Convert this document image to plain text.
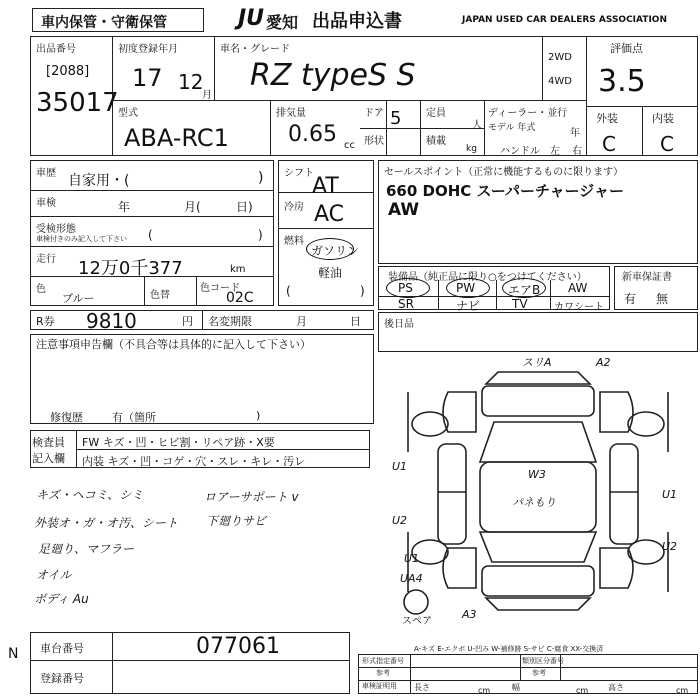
車内保管・守衛保管	JU 愛知 出品申込書	JAPAN USED CAR DEALERS ASSOCIATION
出品番号
[2088]
35017
初度登録年月
17 12
月
車名・グレード
RZ typeS S
2WD
4WD
評価点
3.5
外装	内装
C C
型式
ABA-RC1
排気量
0.65 cc
ドア 5 定員
人
形状	積載
kg
ディーラー・並行
モデル 年式	年
ハンドル 左 右
車歴 自家用・(	)
車検	年	月(	日)
受検形態
車検付きのみ記入して下さい (	)
走行 12万0千377	km
色
ブルー	色替
色コード
02C
シフト
AT
冷房 AC
燃料
ガソリン
軽油
(	)
セールスポイント（正常に機能するものに限ります）
660 DOHC スーパーチャージャー
AW
装備品（純正品に限り○をつけてください）
PS	PW	エアB AW
SR	ナビ	TV	カワシート
新車保証書
有 無
R券 9810	円 名変期限	月	日 後日品
注意事項申告欄（不具合等は具体的に記入して下さい）
修復歴	有（箇所	)
検査員
記入欄
FW キズ・凹・ヒビ割・リペア跡・X要
内装 キズ・凹・コゲ・穴・スレ・キレ・汚レ
キズ・ヘコミ、シミ
外装オ・ガ・オ汚、シート
足廻り、マフラー
オイル
ボディ Au
ロアーサポート v
下廻りサビ
スリA	A2
W3
パネもり
U1
U2
U1
UA4
U1
U2
A3
スペア
車台番号	077061
N
登録番号
A-キズ E-エクボ U-凹み W-補修跡 S-サビ C-腐食 XX-交換済
形式指定番号
参考
類別区分番号
参考
車検証明用 長さ	cm	幅	cm 高さ	cm
